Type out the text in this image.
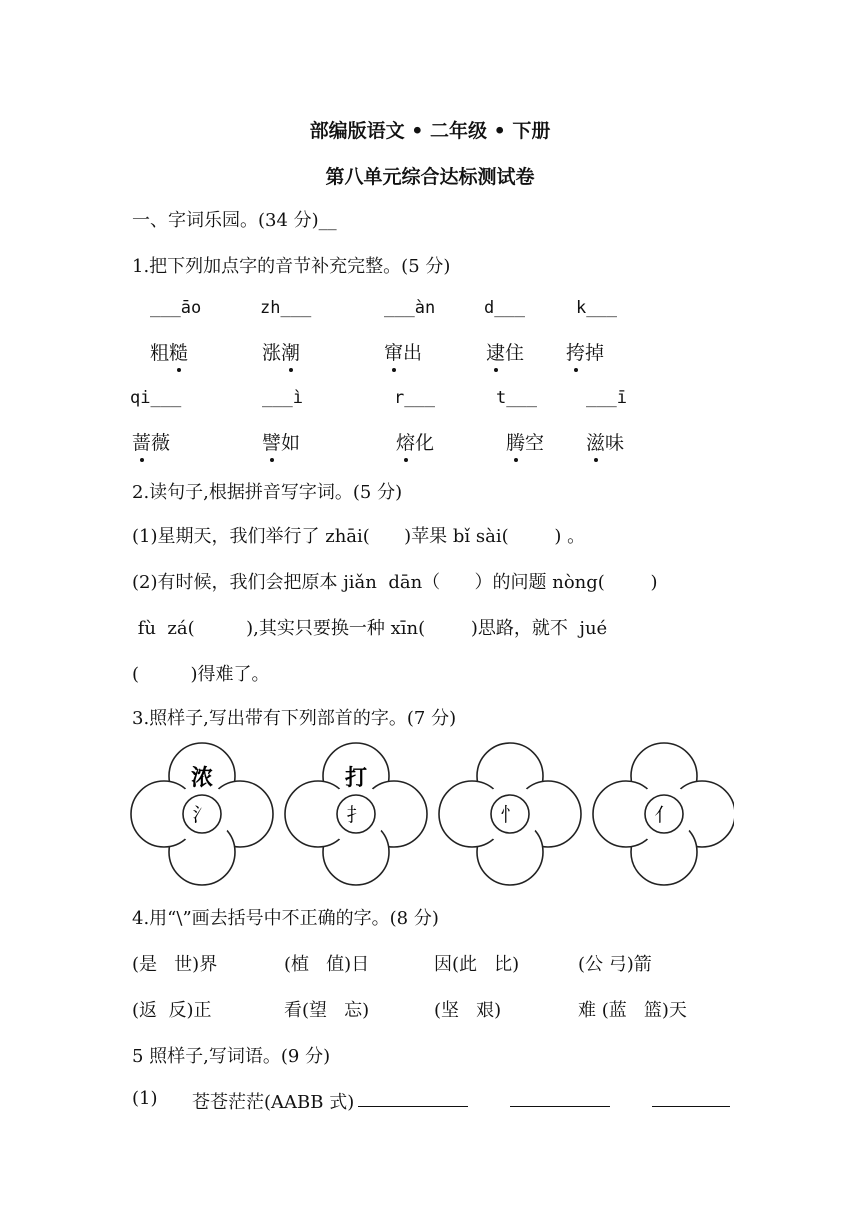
部编版语文 • 二年级 • 下册
第八单元综合达标测试卷
一、字词乐园。(34 分)__
1.把下列加点字的音节补充完整。(5 分)
___āo	zh___	___àn	d___	k___
粗糙	涨潮	窜出	逮住 挎掉
qi___	___ì	r___	t___	___ī
蔷薇	譬如	熔化	腾空 滋味
2.读句子,根据拼音写字词。(5 分)
(1)星期天，我们举行了 zhāi(      )苹果 bǐ sài(        ) 。
(2)有时候，我们会把原本 jiǎn  dān（      ）的问题 nòng(        )
fù  zá(         ),其实只要换一种 xīn(        )思路，就不  jué
(         )得难了。
3.照样子,写出带有下列部首的字。(7 分)
氵
浓
扌
打
忄	亻
4.用“\”画去括号中不正确的字。(8 分)
(是   世)界	(植   值)日	因(此   比)	(公 弓)箭
(返  反)正	看(望   忘)	(坚   艰)	难 (蓝   篮)天
5 照样子,写词语。(9 分)
(1) 苍苍茫茫(AABB 式)
